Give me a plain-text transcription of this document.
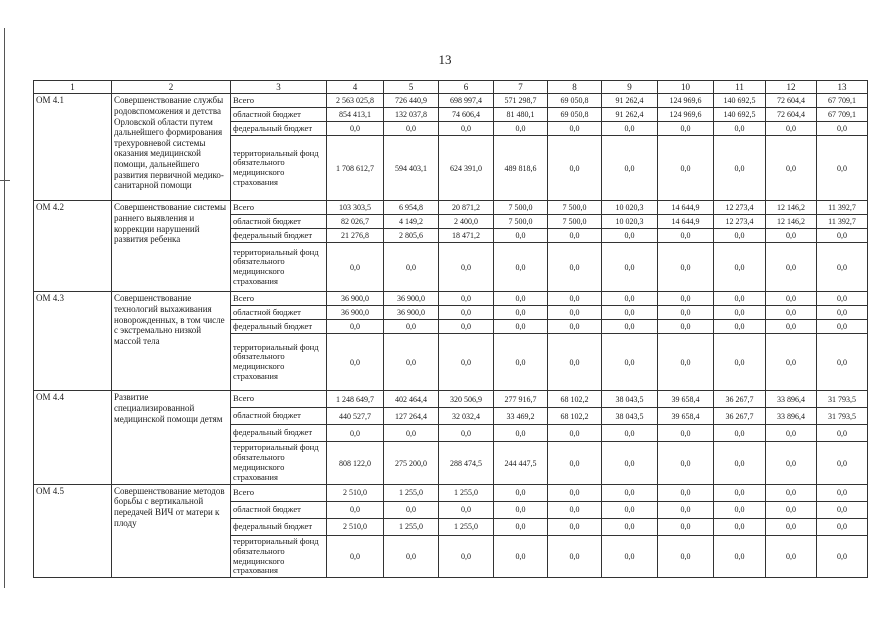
13
1	2	3	4	5	6	7	8	9	10	11	12	13
ОМ 4.1	Совершенствование службы родовспоможения и детства Орловской области путем дальнейшего формирования трехуровневой системы оказания медицинской помощи, дальнейшего развития первичной медико-санитарной помощи	Всего	2 563 025,8	726 440,9	698 997,4	571 298,7	69 050,8	91 262,4	124 969,6	140 692,5	72 604,4	67 709,1
		областной бюджет	854 413,1	132 037,8	74 606,4	81 480,1	69 050,8	91 262,4	124 969,6	140 692,5	72 604,4	67 709,1
		федеральный бюджет	0,0	0,0	0,0	0,0	0,0	0,0	0,0	0,0	0,0	0,0
		территориальный фонд обязательного медицинского страхования	1 708 612,7	594 403,1	624 391,0	489 818,6	0,0	0,0	0,0	0,0	0,0	0,0
ОМ 4.2	Совершенствование системы раннего выявления и коррекции нарушений развития ребенка	Всего	103 303,5	6 954,8	20 871,2	7 500,0	7 500,0	10 020,3	14 644,9	12 273,4	12 146,2	11 392,7
		областной бюджет	82 026,7	4 149,2	2 400,0	7 500,0	7 500,0	10 020,3	14 644,9	12 273,4	12 146,2	11 392,7
		федеральный бюджет	21 276,8	2 805,6	18 471,2	0,0	0,0	0,0	0,0	0,0	0,0	0,0
		территориальный фонд обязательного медицинского страхования	0,0	0,0	0,0	0,0	0,0	0,0	0,0	0,0	0,0	0,0
ОМ 4.3	Совершенствование технологий выхаживания новорожденных, в том числе с экстремально низкой массой тела	Всего	36 900,0	36 900,0	0,0	0,0	0,0	0,0	0,0	0,0	0,0	0,0
		областной бюджет	36 900,0	36 900,0	0,0	0,0	0,0	0,0	0,0	0,0	0,0	0,0
		федеральный бюджет	0,0	0,0	0,0	0,0	0,0	0,0	0,0	0,0	0,0	0,0
		территориальный фонд обязательного медицинского страхования	0,0	0,0	0,0	0,0	0,0	0,0	0,0	0,0	0,0	0,0
ОМ 4.4	Развитие специализированной медицинской помощи детям	Всего	1 248 649,7	402 464,4	320 506,9	277 916,7	68 102,2	38 043,5	39 658,4	36 267,7	33 896,4	31 793,5
		областной бюджет	440 527,7	127 264,4	32 032,4	33 469,2	68 102,2	38 043,5	39 658,4	36 267,7	33 896,4	31 793,5
		федеральный бюджет	0,0	0,0	0,0	0,0	0,0	0,0	0,0	0,0	0,0	0,0
		территориальный фонд обязательного медицинского страхования	808 122,0	275 200,0	288 474,5	244 447,5	0,0	0,0	0,0	0,0	0,0	0,0
ОМ 4.5	Совершенствование методов борьбы с вертикальной передачей ВИЧ от матери к плоду	Всего	2 510,0	1 255,0	1 255,0	0,0	0,0	0,0	0,0	0,0	0,0	0,0
		областной бюджет	0,0	0,0	0,0	0,0	0,0	0,0	0,0	0,0	0,0	0,0
		федеральный бюджет	2 510,0	1 255,0	1 255,0	0,0	0,0	0,0	0,0	0,0	0,0	0,0
		территориальный фонд обязательного медицинского страхования	0,0	0,0	0,0	0,0	0,0	0,0	0,0	0,0	0,0	0,0
